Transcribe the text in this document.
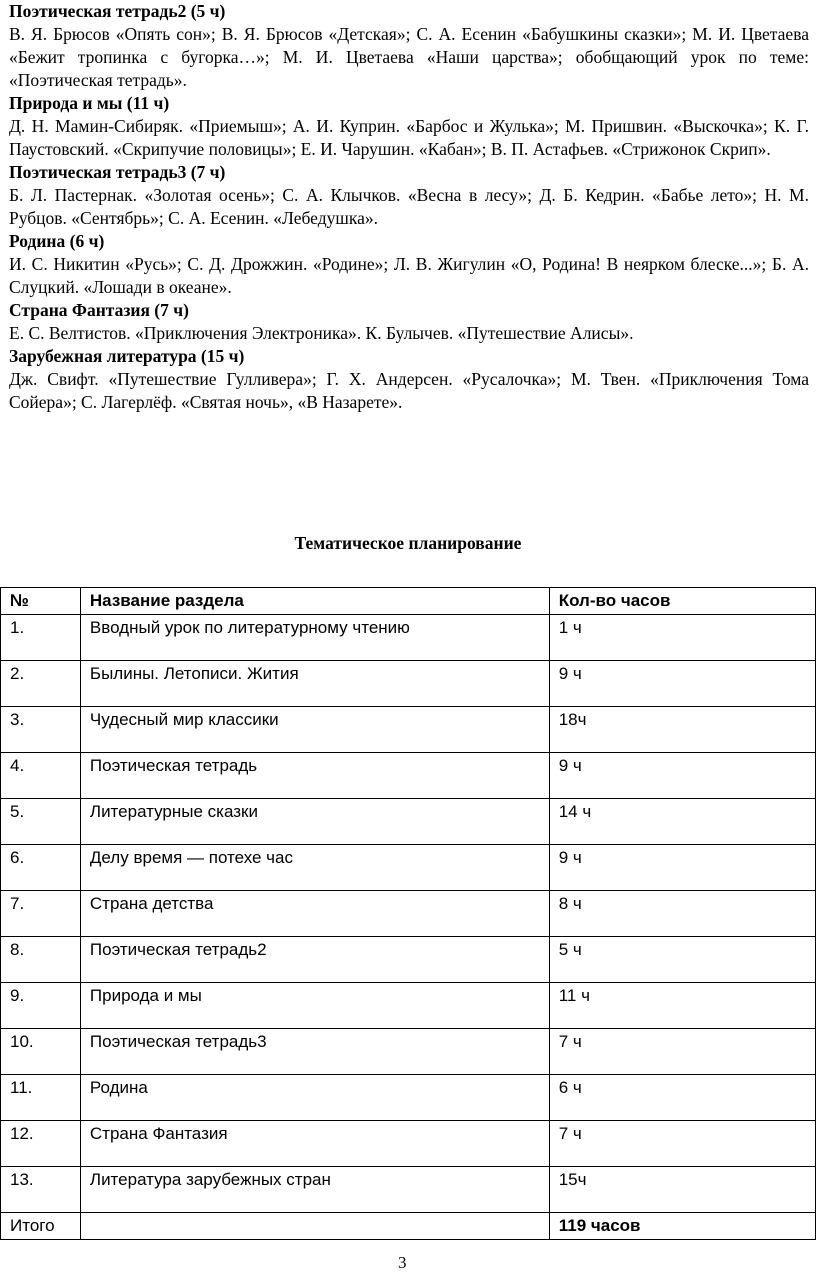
Поэтическая тетрадь2 (5 ч)

В. Я. Брюсов «Опять сон»; В. Я. Брюсов «Детская»; С. А. Есенин «Бабушкины сказки»; М. И. Цветаева «Бежит тропинка с бугорка…»; М. И. Цветаева «Наши царства»; обобщающий урок по теме: «Поэтическая тетрадь».

Природа и мы (11 ч)

Д. Н. Мамин-Сибиряк. «Приемыш»; А. И. Куприн. «Барбос и Жулька»; М. Пришвин. «Выскочка»; К. Г. Паустовский. «Скрипучие половицы»; Е. И. Чарушин. «Кабан»; В. П. Астафьев. «Стрижонок Скрип».

Поэтическая тетрадь3 (7 ч)

Б. Л. Пастернак. «Золотая осень»; С. А. Клычков. «Весна в лесу»; Д. Б. Кедрин. «Бабье лето»; Н. М. Рубцов. «Сентябрь»; С. А. Есенин. «Лебедушка».

Родина (6 ч)

И. С. Никитин «Русь»; С. Д. Дрожжин. «Родине»; Л. В. Жигулин «О, Родина! В неярком блеске...»; Б. А. Слуцкий. «Лошади в океане».

Страна Фантазия (7 ч)

Е. С. Велтистов. «Приключения Электроника». К. Булычев. «Путешествие Алисы».

Зарубежная литература (15 ч)

Дж. Свифт. «Путешествие Гулливера»; Г. Х. Андерсен. «Русалочка»; М. Твен. «Приключения Тома Сойера»; С. Лагерлёф. «Святая ночь», «В Назарете».

Тематическое планирование
№	Название раздела	Кол-во часов
1.	Вводный урок по литературному чтению	1 ч
2.	Былины. Летописи. Жития	9 ч
3.	Чудесный мир классики	18ч
4.	Поэтическая тетрадь	9 ч
5.	Литературные сказки	14 ч
6.	Делу время — потехе час	9 ч
7.	Страна детства	8 ч
8.	Поэтическая тетрадь2	5 ч
9.	Природа и мы	11 ч
10.	Поэтическая тетрадь3	7 ч
11.	Родина	6 ч
12.	Страна Фантазия	7 ч
13.	Литература зарубежных стран	15ч
Итого		119 часов
3
